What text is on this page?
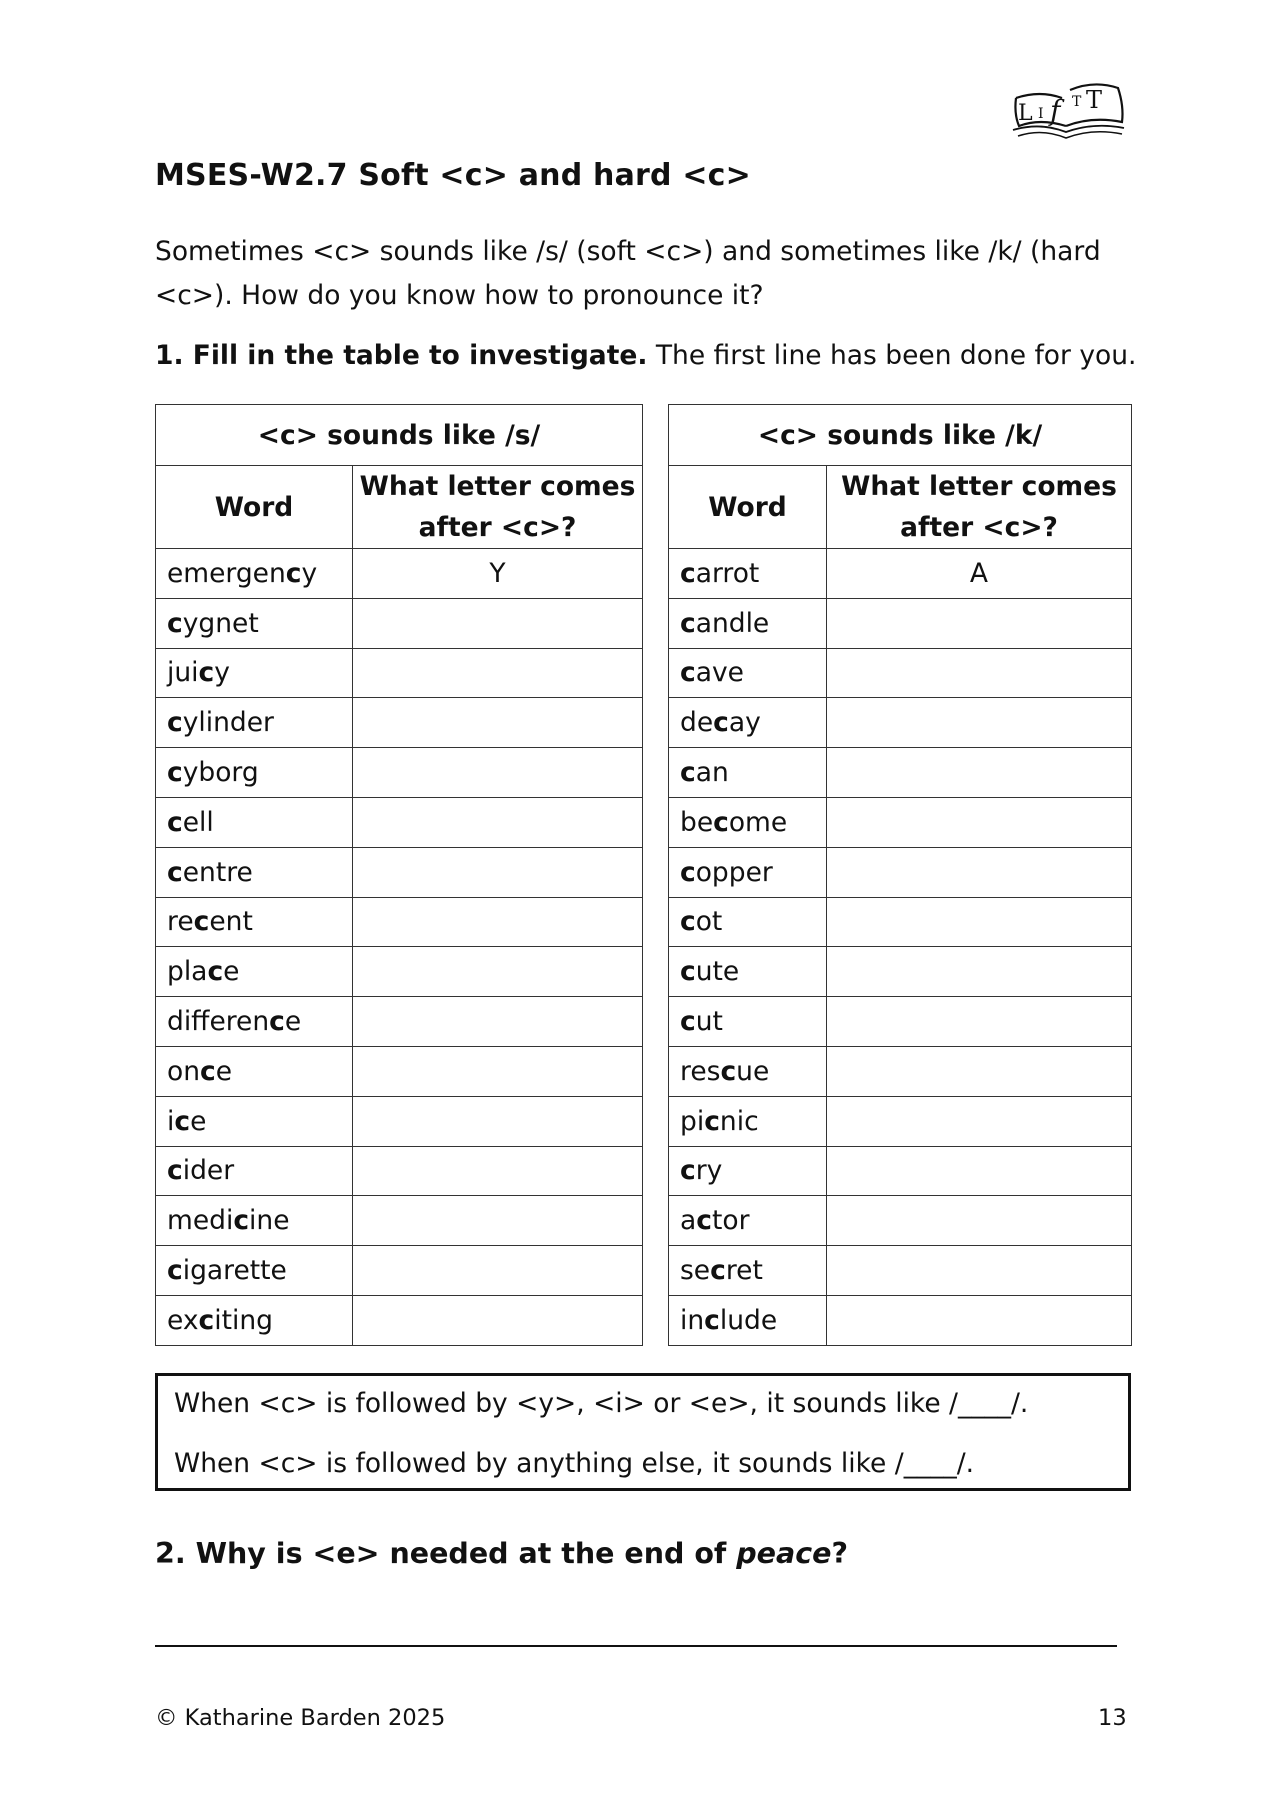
L I f T T
MSES-W2.7 Soft <c> and hard <c>

Sometimes <c> sounds like /s/ (soft <c>) and sometimes like /k/ (hard <c>). How do you know how to pronounce it?

1. Fill in the table to investigate. The first line has been done for you.

<c> sounds like /s/	
Word	What letter comes
after <c>?
emergency	Y
cygnet	
juicy	
cylinder	
cyborg	
cell	
centre	
recent	
place	
difference	
once	
ice	
cider	
medicine	
cigarette	
exciting	
<c> sounds like /k/	
Word	What letter comes
after <c>?
carrot	A
candle	
cave	
decay	
can	
become	
copper	
cot	
cute	
cut	
rescue	
picnic	
cry	
actor	
secret	
include	

When <c> is followed by <y>, <i> or <e>, it sounds like /____/.

When <c> is followed by anything else, it sounds like /____/.

2. Why is <e> needed at the end of peace?

© Katharine Barden 2025	13
